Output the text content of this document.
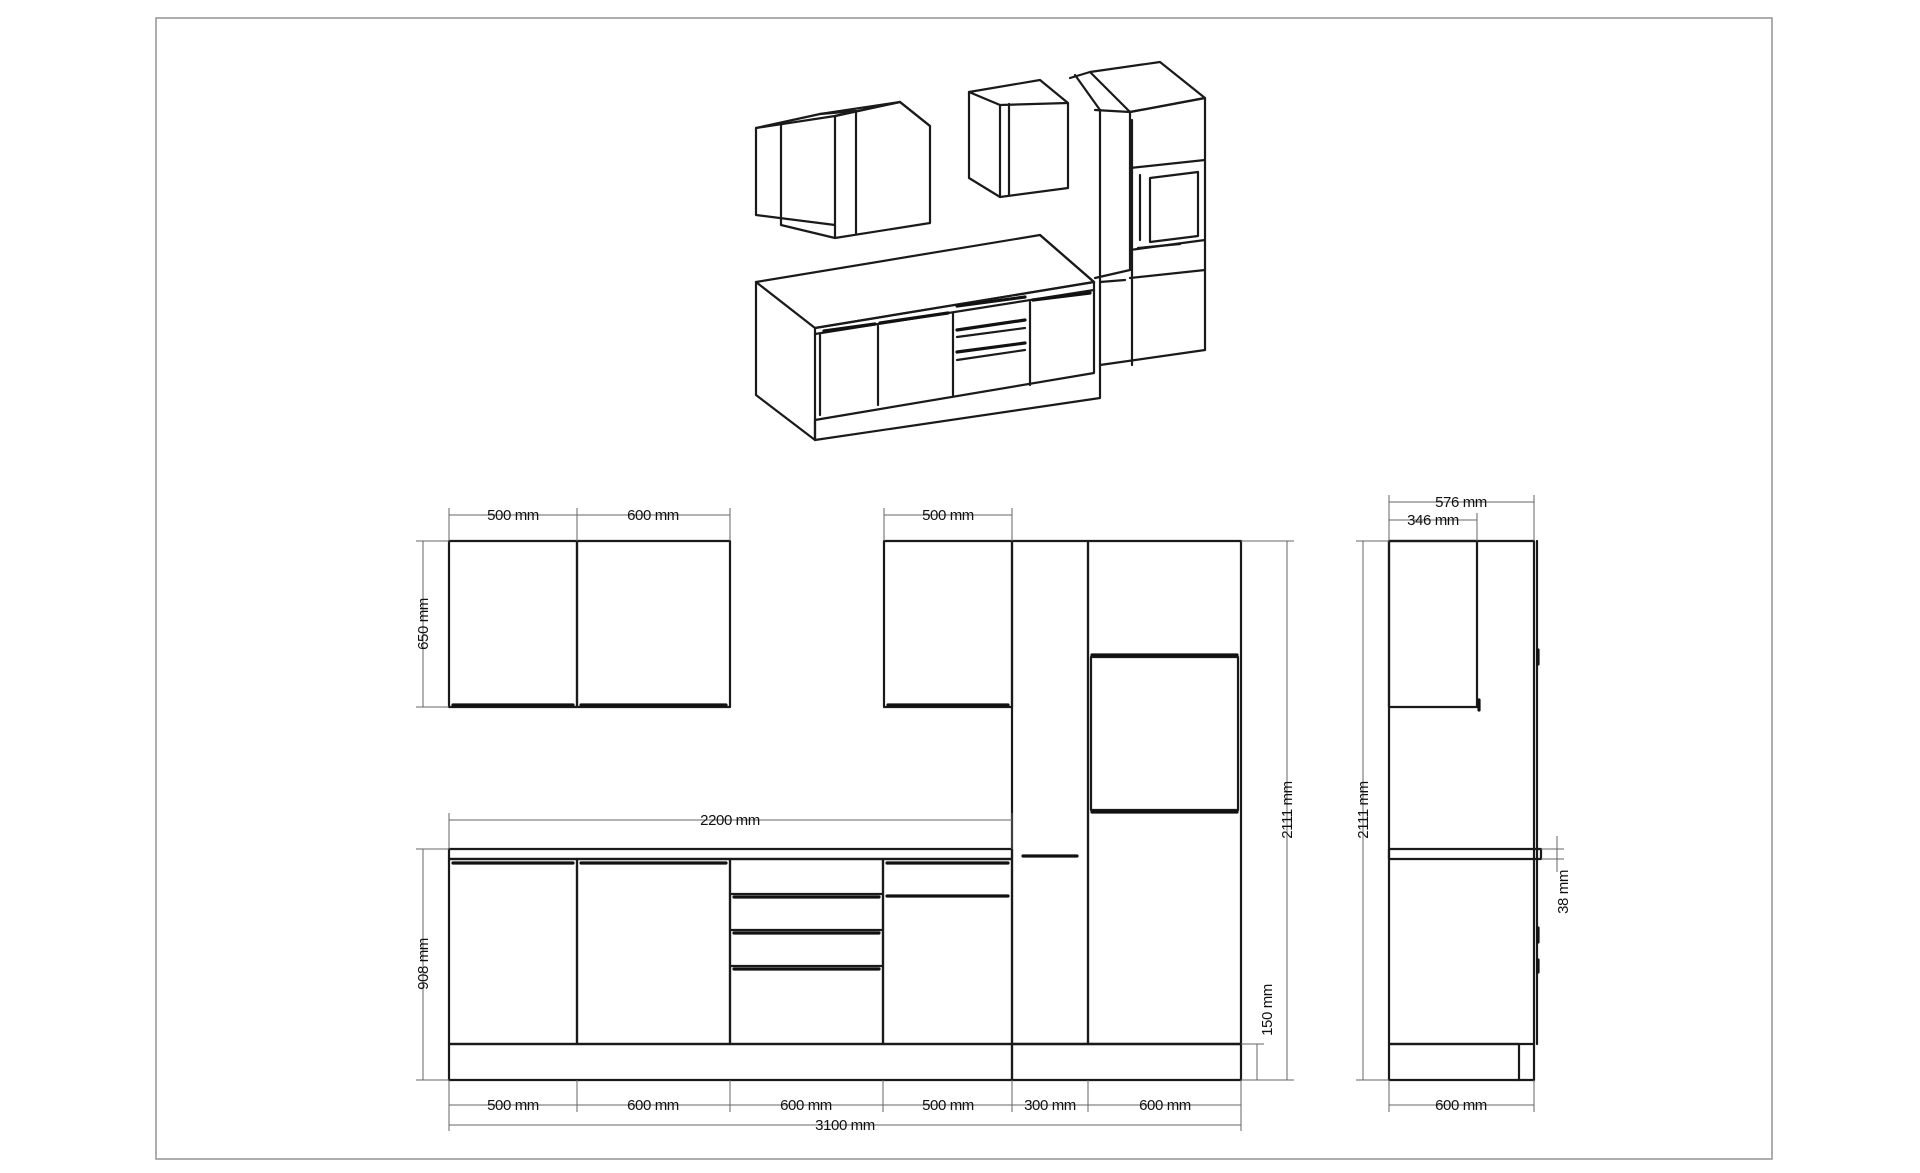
500 mm	600 mm	500 mm
650 mm
2200 mm
908 mm
500 mm	600 mm	600 mm	500 mm	300 mm	600 mm
3100 mm
2111 mm
150 mm
576 mm
346 mm
2111 mm
38 mm
600 mm
